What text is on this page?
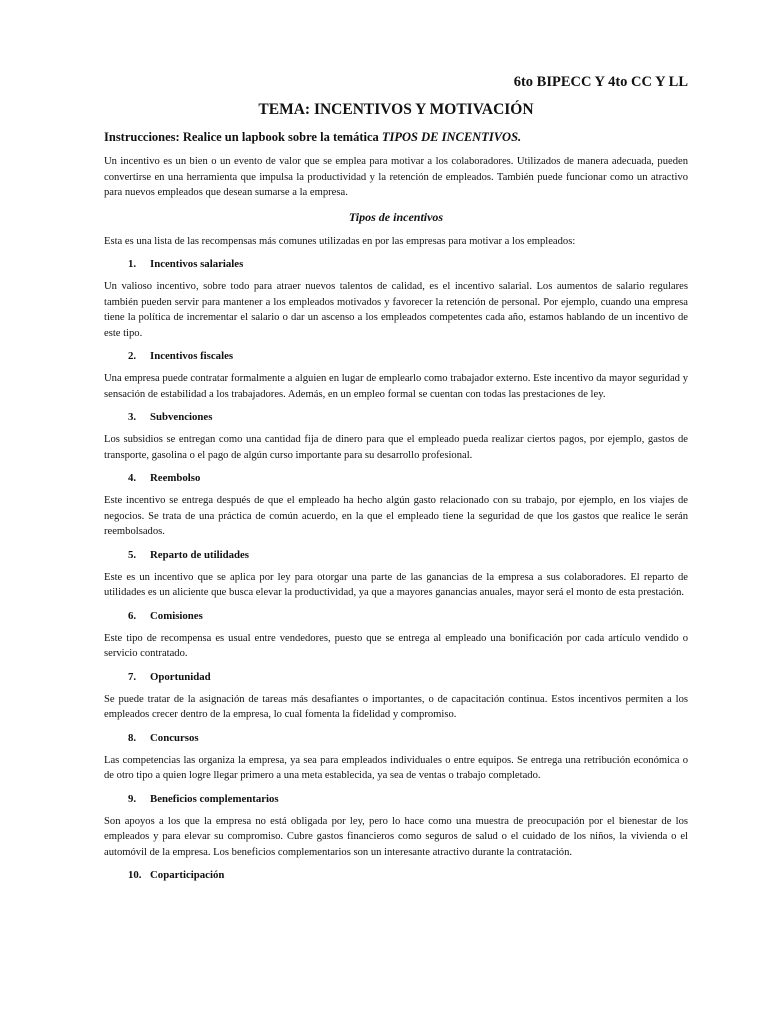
6to BIPECC Y 4to CC Y LL
TEMA: INCENTIVOS Y MOTIVACIÓN
Instrucciones: Realice un lapbook sobre la temática TIPOS DE INCENTIVOS.

Un incentivo es un bien o un evento de valor que se emplea para motivar a los colaboradores. Utilizados de manera adecuada, pueden convertirse en una herramienta que impulsa la productividad y la retención de empleados. También puede funcionar como un atractivo para nuevos empleados que desean sumarse a la empresa.

Tipos de incentivos

Esta es una lista de las recompensas más comunes utilizadas en por las empresas para motivar a los empleados:

1.	Incentivos salariales

Un valioso incentivo, sobre todo para atraer nuevos talentos de calidad, es el incentivo salarial. Los aumentos de salario regulares también pueden servir para mantener a los empleados motivados y favorecer la retención de personal. Por ejemplo, cuando una empresa tiene la política de incrementar el salario o dar un ascenso a los empleados competentes cada año, estamos hablando de un incentivo de este tipo.

2.	Incentivos fiscales

Una empresa puede contratar formalmente a alguien en lugar de emplearlo como trabajador externo. Este incentivo da mayor seguridad y sensación de estabilidad a los trabajadores. Además, en un empleo formal se cuentan con todas las prestaciones de ley.

3.	Subvenciones

Los subsidios se entregan como una cantidad fija de dinero para que el empleado pueda realizar ciertos pagos, por ejemplo, gastos de transporte, gasolina o el pago de algún curso importante para su desarrollo profesional.

4.	Reembolso

Este incentivo se entrega después de que el empleado ha hecho algún gasto relacionado con su trabajo, por ejemplo, en los viajes de negocios. Se trata de una práctica de común acuerdo, en la que el empleado tiene la seguridad de que los gastos que realice le serán reembolsados.

5.	Reparto de utilidades

Este es un incentivo que se aplica por ley para otorgar una parte de las ganancias de la empresa a sus colaboradores. El reparto de utilidades es un aliciente que busca elevar la productividad, ya que a mayores ganancias anuales, mayor será el monto de esta prestación.

6.	Comisiones

Este tipo de recompensa es usual entre vendedores, puesto que se entrega al empleado una bonificación por cada artículo vendido o servicio contratado.

7.	Oportunidad

Se puede tratar de la asignación de tareas más desafiantes o importantes, o de capacitación continua. Estos incentivos permiten a los empleados crecer dentro de la empresa, lo cual fomenta la fidelidad y compromiso.

8.	Concursos

Las competencias las organiza la empresa, ya sea para empleados individuales o entre equipos. Se entrega una retribución económica o de otro tipo a quien logre llegar primero a una meta establecida, ya sea de ventas o trabajo completado.

9.	Beneficios complementarios

Son apoyos a los que la empresa no está obligada por ley, pero lo hace como una muestra de preocupación por el bienestar de los empleados y para elevar su compromiso. Cubre gastos financieros como seguros de salud o el cuidado de los niños, la vivienda o el automóvil de la empresa. Los beneficios complementarios son un interesante atractivo durante la contratación.

10. Coparticipación
